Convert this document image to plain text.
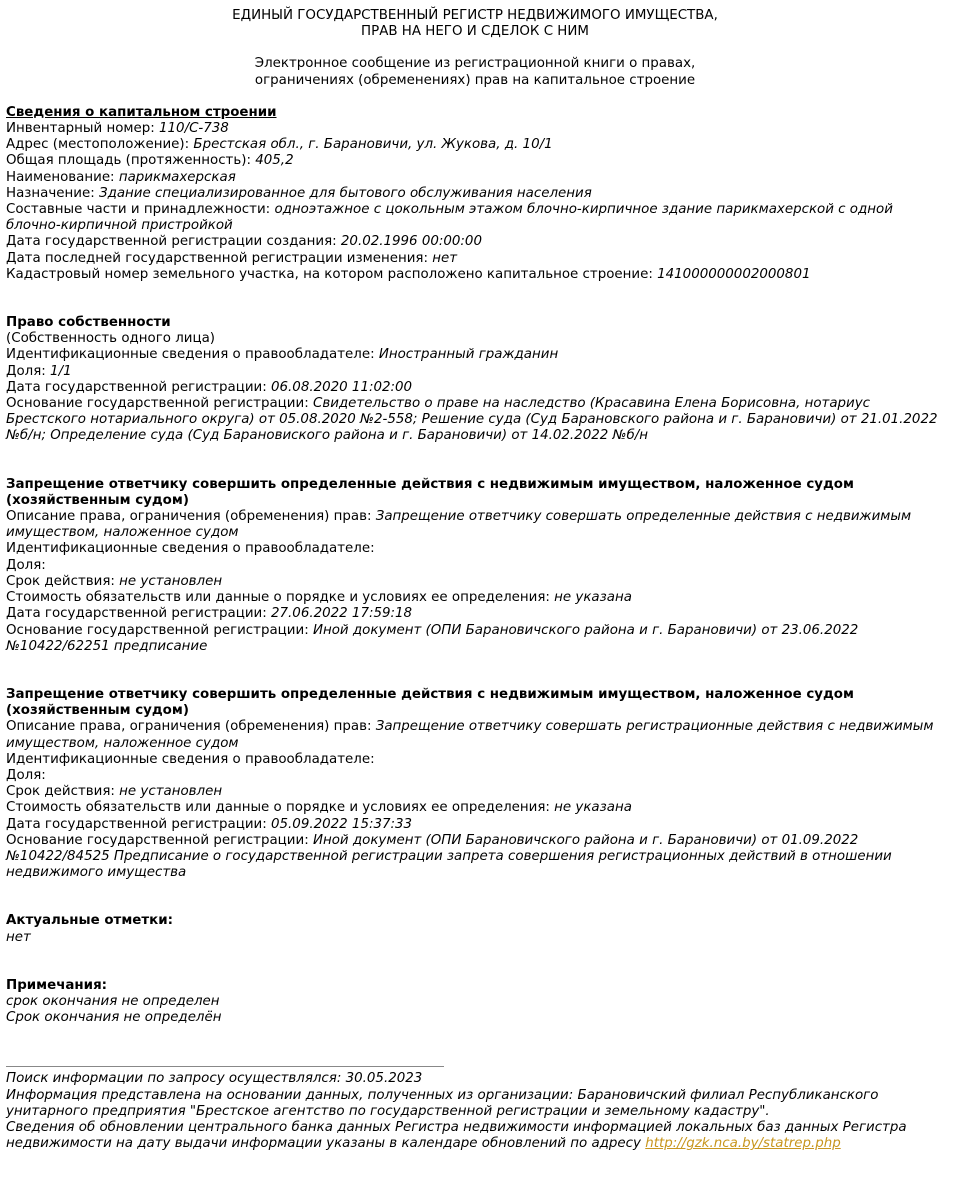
ЕДИНЫЙ ГОСУДАРСТВЕННЫЙ РЕГИСТР НЕДВИЖИМОГО ИМУЩЕСТВА,
ПРАВ НА НЕГО И СДЕЛОК С НИМ
Электронное сообщение из регистрационной книги о правах,
ограничениях (обременениях) прав на капитальное строение
Сведения о капитальном строении
Инвентарный номер: 110/C-738
Адрес (местоположение): Брестская обл., г. Барановичи, ул. Жукова, д. 10/1
Общая площадь (протяженность): 405,2
Наименование: парикмахерская
Назначение: Здание специализированное для бытового обслуживания населения
Составные части и принадлежности: одноэтажное с цокольным этажом блочно-кирпичное здание парикмахерской с одной блочно-кирпичной пристройкой
Дата государственной регистрации создания: 20.02.1996 00:00:00
Дата последней государственной регистрации изменения: нет
Кадастровый номер земельного участка, на котором расположено капитальное строение: 141000000002000801
Право собственности
(Собственность одного лица)
Идентификационные сведения о правообладателе: Иностранный гражданин
Доля: 1/1
Дата государственной регистрации: 06.08.2020 11:02:00
Основание государственной регистрации: Свидетельство о праве на наследство (Красавина Елена Борисовна, нотариус Брестского нотариального округа) от 05.08.2020 №2-558; Решение суда (Суд Барановского района и г. Барановичи) от 21.01.2022 №б/н; Определение суда (Суд Барановиского района и г. Барановичи) от 14.02.2022 №б/н
Запрещение ответчику совершить определенные действия с недвижимым имуществом, наложенное судом (хозяйственным судом)
Описание права, ограничения (обременения) прав: Запрещение ответчику совершать определенные действия с недвижимым имуществом, наложенное судом
Идентификационные сведения о правообладателе:
Доля:
Срок действия: не установлен
Стоимость обязательств или данные о порядке и условиях ее определения: не указана
Дата государственной регистрации: 27.06.2022 17:59:18
Основание государственной регистрации: Иной документ (ОПИ Барановичского района и г. Барановичи) от 23.06.2022 №10422/62251 предписание
Запрещение ответчику совершить определенные действия с недвижимым имуществом, наложенное судом (хозяйственным судом)
Описание права, ограничения (обременения) прав: Запрещение ответчику совершать регистрационные действия с недвижимым имуществом, наложенное судом
Идентификационные сведения о правообладателе:
Доля:
Срок действия: не установлен
Стоимость обязательств или данные о порядке и условиях ее определения: не указана
Дата государственной регистрации: 05.09.2022 15:37:33
Основание государственной регистрации: Иной документ (ОПИ Барановичского района и г. Барановичи) от 01.09.2022 №10422/84525 Предписание о государственной регистрации запрета совершения регистрационных действий в отношении недвижимого имущества
Актуальные отметки:
нет
Примечания:
срок окончания не определен
Срок окончания не определён
Поиск информации по запросу осуществлялся: 30.05.2023
Информация представлена на основании данных, полученных из организации: Барановичский филиал Республиканского унитарного предприятия "Брестское агентство по государственной регистрации и земельному кадастру".
Сведения об обновлении центрального банка данных Регистра недвижимости информацией локальных баз данных Регистра недвижимости на дату выдачи информации указаны в календаре обновлений по адресу http://gzk.nca.by/statrep.php
